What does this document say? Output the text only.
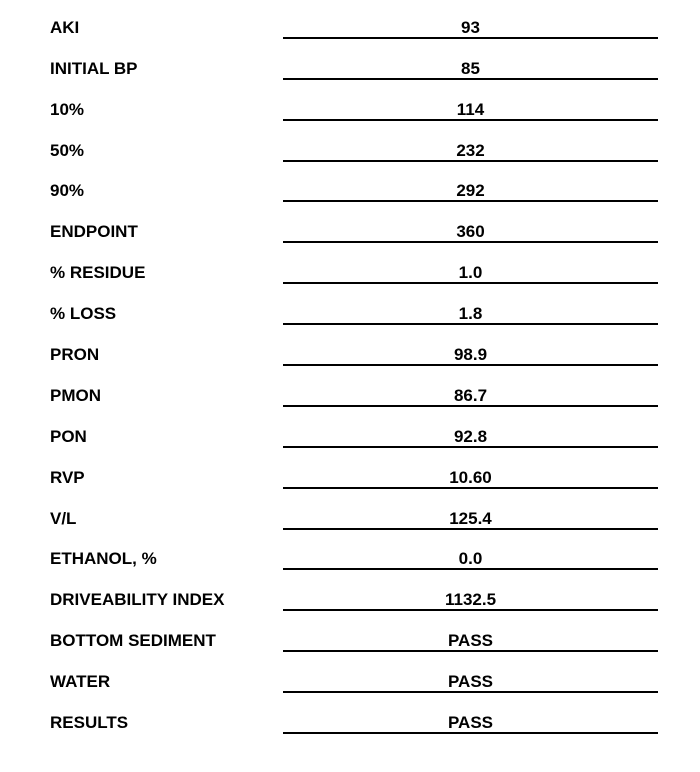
AKI	93
INITIAL BP	85
10%	114
50%	232
90%	292
ENDPOINT	360
% RESIDUE	1.0
% LOSS	1.8
PRON	98.9
PMON	86.7
PON	92.8
RVP	10.60
V/L	125.4
ETHANOL, %	0.0
DRIVEABILITY INDEX	1132.5
BOTTOM SEDIMENT	PASS
WATER	PASS
RESULTS	PASS
